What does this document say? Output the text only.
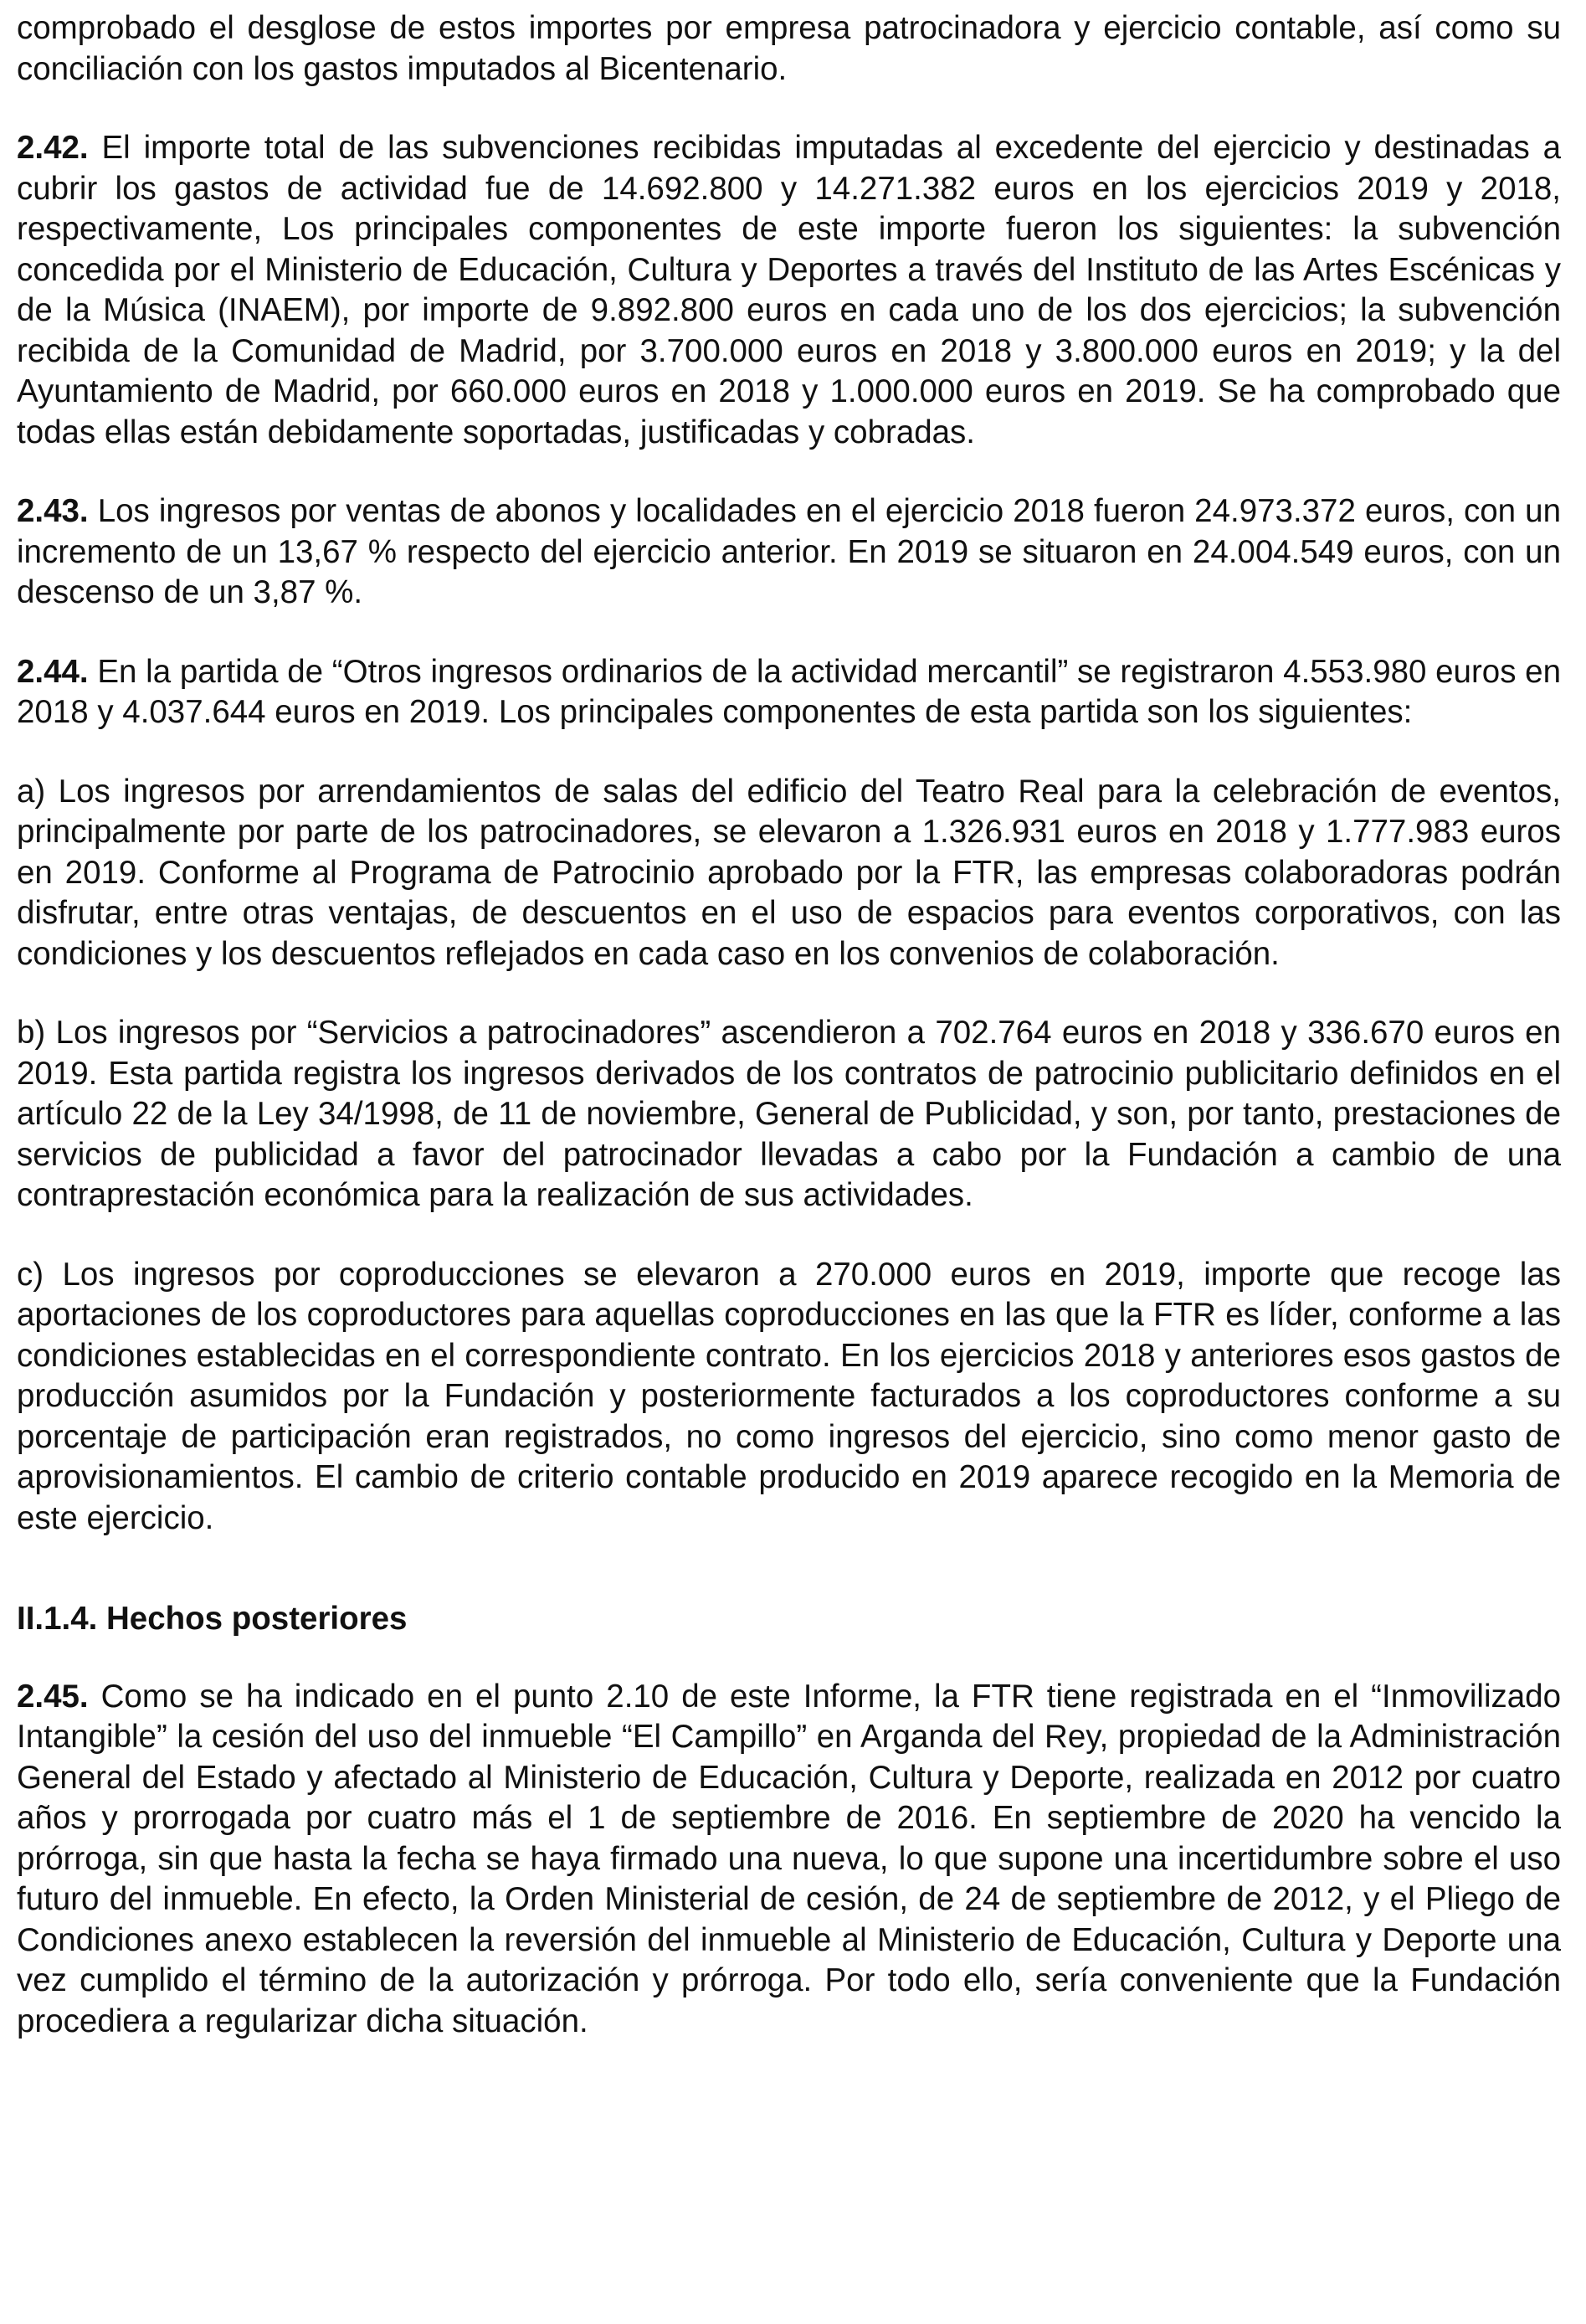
comprobado el desglose de estos importes por empresa patrocinadora y ejercicio contable, así como su conciliación con los gastos imputados al Bicentenario.

2.42. El importe total de las subvenciones recibidas imputadas al excedente del ejercicio y destinadas a cubrir los gastos de actividad fue de 14.692.800 y 14.271.382 euros en los ejercicios 2019 y 2018, respectivamente, Los principales componentes de este importe fueron los siguientes: la subvención concedida por el Ministerio de Educación, Cultura y Deportes a través del Instituto de las Artes Escénicas y de la Música (INAEM), por importe de 9.892.800 euros en cada uno de los dos ejercicios; la subvención recibida de la Comunidad de Madrid, por 3.700.000 euros en 2018 y 3.800.000 euros en 2019; y la del Ayuntamiento de Madrid, por 660.000 euros en 2018 y 1.000.000 euros en 2019. Se ha comprobado que todas ellas están debidamente soportadas, justificadas y cobradas.

2.43. Los ingresos por ventas de abonos y localidades en el ejercicio 2018 fueron 24.973.372 euros, con un incremento de un 13,67 % respecto del ejercicio anterior. En 2019 se situaron en 24.004.549 euros, con un descenso de un 3,87 %.

2.44. En la partida de “Otros ingresos ordinarios de la actividad mercantil” se registraron 4.553.980 euros en 2018 y 4.037.644 euros en 2019. Los principales componentes de esta partida son los siguientes:

a) Los ingresos por arrendamientos de salas del edificio del Teatro Real para la celebración de eventos, principalmente por parte de los patrocinadores, se elevaron a 1.326.931 euros en 2018 y 1.777.983 euros en 2019. Conforme al Programa de Patrocinio aprobado por la FTR, las empresas colaboradoras podrán disfrutar, entre otras ventajas, de descuentos en el uso de espacios para eventos corporativos, con las condiciones y los descuentos reflejados en cada caso en los convenios de colaboración.

b) Los ingresos por “Servicios a patrocinadores” ascendieron a 702.764 euros en 2018 y 336.670 euros en 2019. Esta partida registra los ingresos derivados de los contratos de patrocinio publicitario definidos en el artículo 22 de la Ley 34/1998, de 11 de noviembre, General de Publicidad, y son, por tanto, prestaciones de servicios de publicidad a favor del patrocinador llevadas a cabo por la Fundación a cambio de una contraprestación económica para la realización de sus actividades.

c) Los ingresos por coproducciones se elevaron a 270.000 euros en 2019, importe que recoge las aportaciones de los coproductores para aquellas coproducciones en las que la FTR es líder, conforme a las condiciones establecidas en el correspondiente contrato. En los ejercicios 2018 y anteriores esos gastos de producción asumidos por la Fundación y posteriormente facturados a los coproductores conforme a su porcentaje de participación eran registrados, no como ingresos del ejercicio, sino como menor gasto de aprovisionamientos. El cambio de criterio contable producido en 2019 aparece recogido en la Memoria de este ejercicio.

II.1.4. Hechos posteriores

2.45. Como se ha indicado en el punto 2.10 de este Informe, la FTR tiene registrada en el “Inmovilizado Intangible” la cesión del uso del inmueble “El Campillo” en Arganda del Rey, propiedad de la Administración General del Estado y afectado al Ministerio de Educación, Cultura y Deporte, realizada en 2012 por cuatro años y prorrogada por cuatro más el 1 de septiembre de 2016. En septiembre de 2020 ha vencido la prórroga, sin que hasta la fecha se haya firmado una nueva, lo que supone una incertidumbre sobre el uso futuro del inmueble. En efecto, la Orden Ministerial de cesión, de 24 de septiembre de 2012, y el Pliego de Condiciones anexo establecen la reversión del inmueble al Ministerio de Educación, Cultura y Deporte una vez cumplido el término de la autorización y prórroga. Por todo ello, sería conveniente que la Fundación procediera a regularizar dicha situación.
